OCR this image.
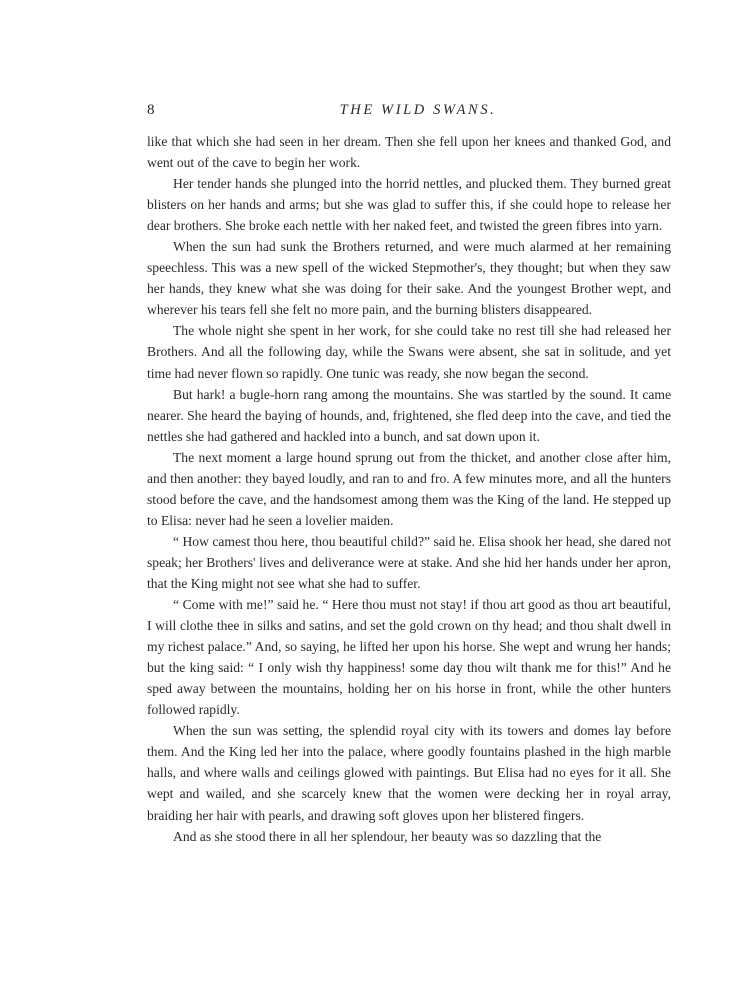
8	THE WILD SWANS.

like that which she had seen in her dream. Then she fell upon her knees and thanked God, and went out of the cave to begin her work.

Her tender hands she plunged into the horrid nettles, and plucked them. They burned great blisters on her hands and arms; but she was glad to suffer this, if she could hope to release her dear brothers. She broke each nettle with her naked feet, and twisted the green fibres into yarn.

When the sun had sunk the Brothers returned, and were much alarmed at her remaining speechless. This was a new spell of the wicked Stepmother's, they thought; but when they saw her hands, they knew what she was doing for their sake. And the youngest Brother wept, and wherever his tears fell she felt no more pain, and the burning blisters disappeared.

The whole night she spent in her work, for she could take no rest till she had released her Brothers. And all the following day, while the Swans were absent, she sat in solitude, and yet time had never flown so rapidly. One tunic was ready, she now began the second.

But hark! a bugle-horn rang among the mountains. She was startled by the sound. It came nearer. She heard the baying of hounds, and, frightened, she fled deep into the cave, and tied the nettles she had gathered and hackled into a bunch, and sat down upon it.

The next moment a large hound sprung out from the thicket, and another close after him, and then another: they bayed loudly, and ran to and fro. A few minutes more, and all the hunters stood before the cave, and the handsomest among them was the King of the land. He stepped up to Elisa: never had he seen a lovelier maiden.

“ How camest thou here, thou beautiful child?” said he. Elisa shook her head, she dared not speak; her Brothers' lives and deliverance were at stake. And she hid her hands under her apron, that the King might not see what she had to suffer.

“ Come with me!” said he. “ Here thou must not stay! if thou art good as thou art beautiful, I will clothe thee in silks and satins, and set the gold crown on thy head; and thou shalt dwell in my richest palace.” And, so saying, he lifted her upon his horse. She wept and wrung her hands; but the king said: “ I only wish thy happiness! some day thou wilt thank me for this!” And he sped away between the mountains, holding her on his horse in front, while the other hunters followed rapidly.

When the sun was setting, the splendid royal city with its towers and domes lay before them. And the King led her into the palace, where goodly fountains plashed in the high marble halls, and where walls and ceilings glowed with paintings. But Elisa had no eyes for it all. She wept and wailed, and she scarcely knew that the women were decking her in royal array, braiding her hair with pearls, and drawing soft gloves upon her blistered fingers.

And as she stood there in all her splendour, her beauty was so dazzling that the
